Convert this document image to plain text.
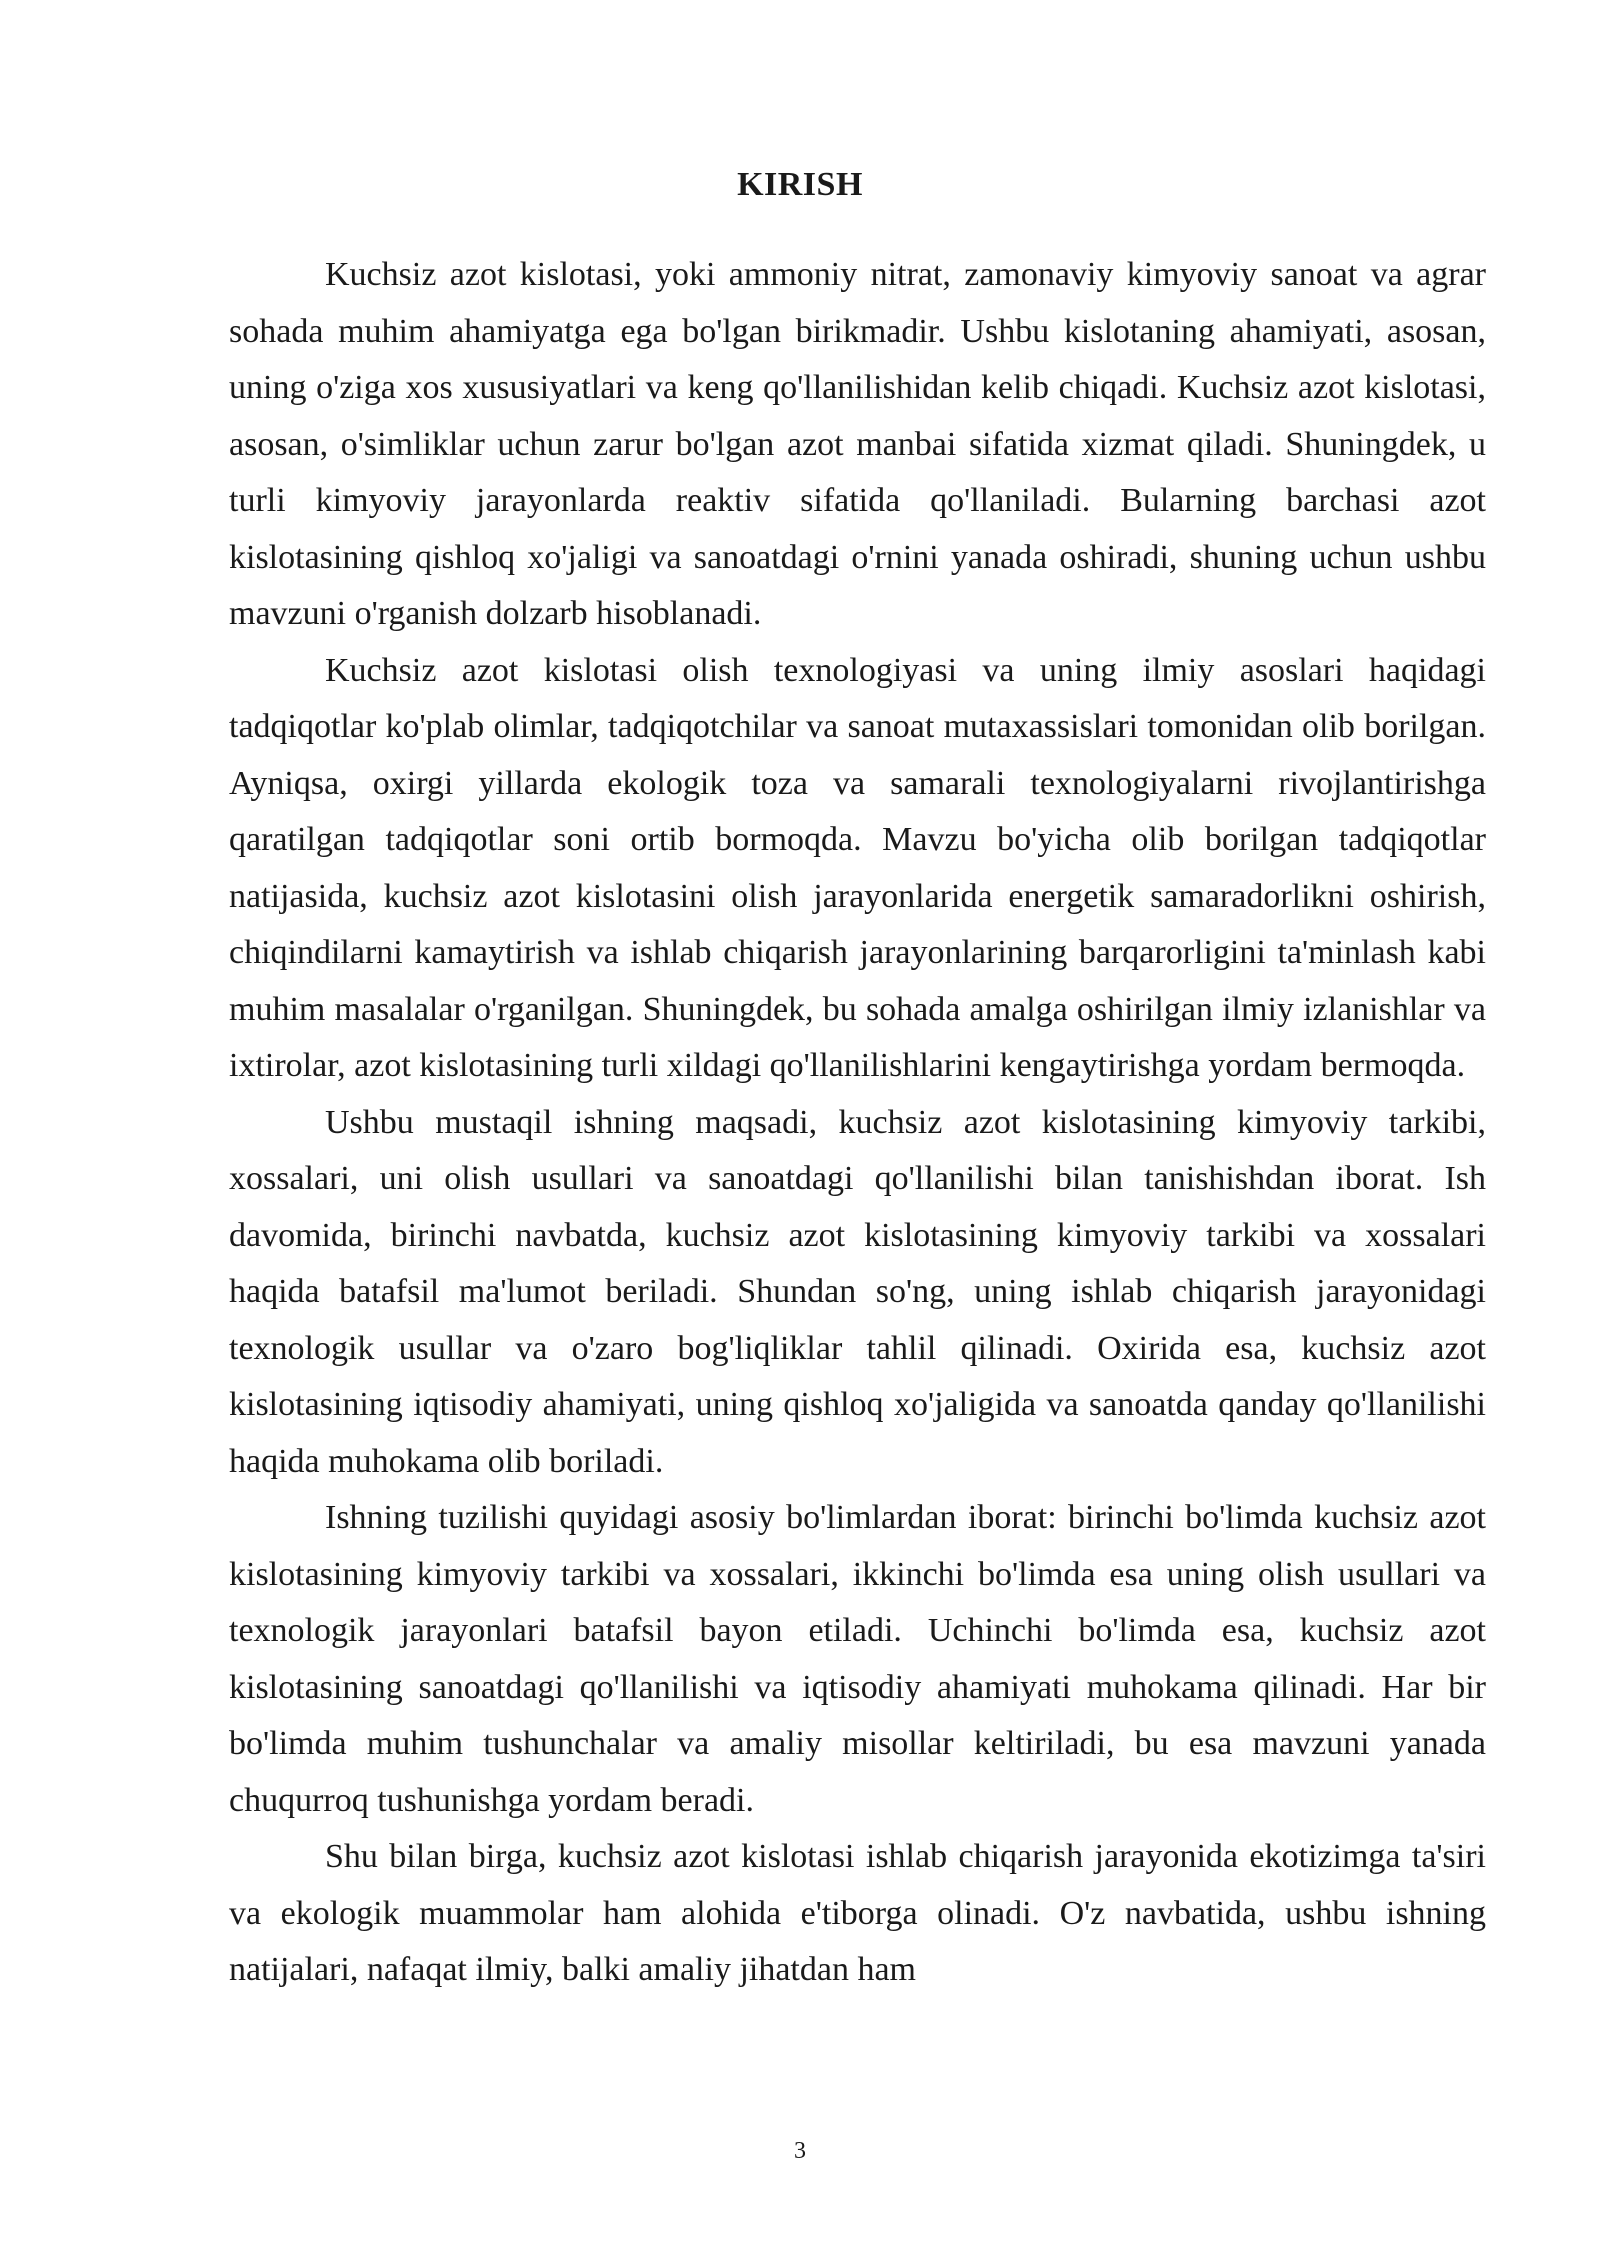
KIRISH

Kuchsiz azot kislotasi, yoki ammoniy nitrat, zamonaviy kimyoviy sanoat va agrar sohada muhim ahamiyatga ega bo'lgan birikmadir. Ushbu kislotaning ahamiyati, asosan, uning o'ziga xos xususiyatlari va keng qo'llanilishidan kelib chiqadi. Kuchsiz azot kislotasi, asosan, o'simliklar uchun zarur bo'lgan azot manbai sifatida xizmat qiladi. Shuningdek, u turli kimyoviy jarayonlarda reaktiv sifatida qo'llaniladi. Bularning barchasi azot kislotasining qishloq xo'jaligi va sanoatdagi o'rnini yanada oshiradi, shuning uchun ushbu mavzuni o'rganish dolzarb hisoblanadi.

Kuchsiz azot kislotasi olish texnologiyasi va uning ilmiy asoslari haqidagi tadqiqotlar ko'plab olimlar, tadqiqotchilar va sanoat mutaxassislari tomonidan olib borilgan. Ayniqsa, oxirgi yillarda ekologik toza va samarali texnologiyalarni rivojlantirishga qaratilgan tadqiqotlar soni ortib bormoqda. Mavzu bo'yicha olib borilgan tadqiqotlar natijasida, kuchsiz azot kislotasini olish jarayonlarida energetik samaradorlikni oshirish, chiqindilarni kamaytirish va ishlab chiqarish jarayonlarining barqarorligini ta'minlash kabi muhim masalalar o'rganilgan. Shuningdek, bu sohada amalga oshirilgan ilmiy izlanishlar va ixtirolar, azot kislotasining turli xildagi qo'llanilishlarini kengaytirishga yordam bermoqda.

Ushbu mustaqil ishning maqsadi, kuchsiz azot kislotasining kimyoviy tarkibi, xossalari, uni olish usullari va sanoatdagi qo'llanilishi bilan tanishishdan iborat. Ish davomida, birinchi navbatda, kuchsiz azot kislotasining kimyoviy tarkibi va xossalari haqida batafsil ma'lumot beriladi. Shundan so'ng, uning ishlab chiqarish jarayonidagi texnologik usullar va o'zaro bog'liqliklar tahlil qilinadi. Oxirida esa, kuchsiz azot kislotasining iqtisodiy ahamiyati, uning qishloq xo'jaligida va sanoatda qanday qo'llanilishi haqida muhokama olib boriladi.

Ishning tuzilishi quyidagi asosiy bo'limlardan iborat: birinchi bo'limda kuchsiz azot kislotasining kimyoviy tarkibi va xossalari, ikkinchi bo'limda esa uning olish usullari va texnologik jarayonlari batafsil bayon etiladi. Uchinchi bo'limda esa, kuchsiz azot kislotasining sanoatdagi qo'llanilishi va iqtisodiy ahamiyati muhokama qilinadi. Har bir bo'limda muhim tushunchalar va amaliy misollar keltiriladi, bu esa mavzuni yanada chuqurroq tushunishga yordam beradi.

Shu bilan birga, kuchsiz azot kislotasi ishlab chiqarish jarayonida ekotizimga ta'siri va ekologik muammolar ham alohida e'tiborga olinadi. O'z navbatida, ushbu ishning natijalari, nafaqat ilmiy, balki amaliy jihatdan ham

3
